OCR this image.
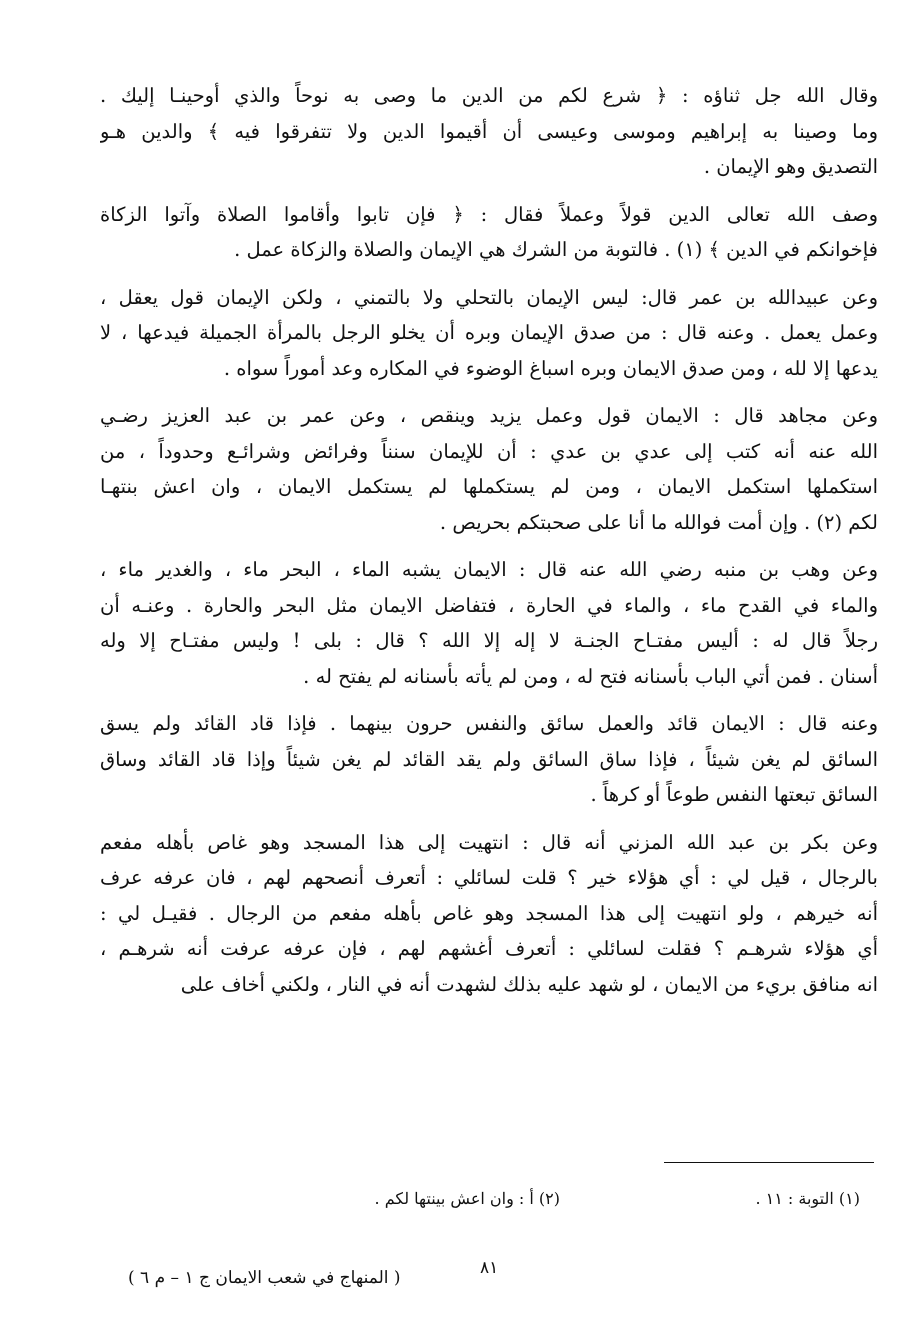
وقال الله جل ثناؤه : ﴿ شرع لكم من الدين ما وصى به نوحاً والذي أوحينـا إليك .
وما وصينا به إبراهيم وموسى وعيسى أن أقيموا الدين ولا تتفرقوا فيه ﴾ والدين هـو
التصديق وهو الإيمان .
وصف الله تعالى الدين قولاً وعملاً فقال : ﴿ فإن تابوا وأقاموا الصلاة وآتوا الزكاة
فإخوانكم في الدين ﴾ (١) . فالتوبة من الشرك هي الإيمان والصلاة والزكاة عمل .
وعن عبيدالله بن عمر قال: ليس الإيمان بالتحلي ولا بالتمني ، ولكن الإيمان قول يعقل ،
وعمل يعمل . وعنه قال : من صدق الإيمان وبره أن يخلو الرجل بالمرأة الجميلة فيدعها ، لا
يدعها إلا لله ، ومن صدق الايمان وبره اسباغ الوضوء في المكاره وعد أموراً سواه .
وعن مجاهد قال : الايمان قول وعمل يزيد وينقص ، وعن عمر بن عبد العزيز رضـي
الله عنه أنه كتب إلى عدي بن عدي : أن للإيمان سنناً وفرائض وشرائـع وحدوداً ، من
استكملها استكمل الايمان ، ومن لم يستكملها لم يستكمل الايمان ، وان اعش بنتهـا
لكم (٢) . وإن أمت فوالله ما أنا على صحبتكم بحريص .
وعن وهب بن منبه رضي الله عنه قال : الايمان يشبه الماء ، البحر ماء ، والغدير ماء ،
والماء في القدح ماء ، والماء في الحارة ، فتفاضل الايمان مثل البحر والحارة . وعنـه أن
رجلاً قال له : أليس مفتـاح الجنـة لا إله إلا الله ؟ قال : بلى ! وليس مفتـاح إلا وله
أسنان . فمن أتي الباب بأسنانه فتح له ، ومن لم يأته بأسنانه لم يفتح له .
وعنه قال : الايمان قائد والعمل سائق والنفس حرون بينهما . فإذا قاد القائد ولم يسق
السائق لم يغن شيئاً ، فإذا ساق السائق ولم يقد القائد لم يغن شيئاً وإذا قاد القائد وساق
السائق تبعتها النفس طوعاً أو كرهاً .
وعن بكر بن عبد الله المزني أنه قال : انتهيت إلى هذا المسجد وهو غاص بأهله مفعم
بالرجال ، قيل لي : أي هؤلاء خير ؟ قلت لسائلي : أتعرف أنصحهم لهم ، فان عرفه عرف
أنه خيرهم ، ولو انتهيت إلى هذا المسجد وهو غاص بأهله مفعم من الرجال . فقيـل لي :
أي هؤلاء شرهـم ؟ فقلت لسائلي : أتعرف أغشهم لهم ، فإن عرفه عرفت أنه شرهـم ،
انه منافق بريء من الايمان ، لو شهد عليه بذلك لشهدت أنه في النار ، ولكني أخاف على
(١) التوبة : ١١ .
(٢) أ : وان اعش بينتها لكم .
٨١
( المنهاج في شعب الايمان ج ١ – م ٦ )
